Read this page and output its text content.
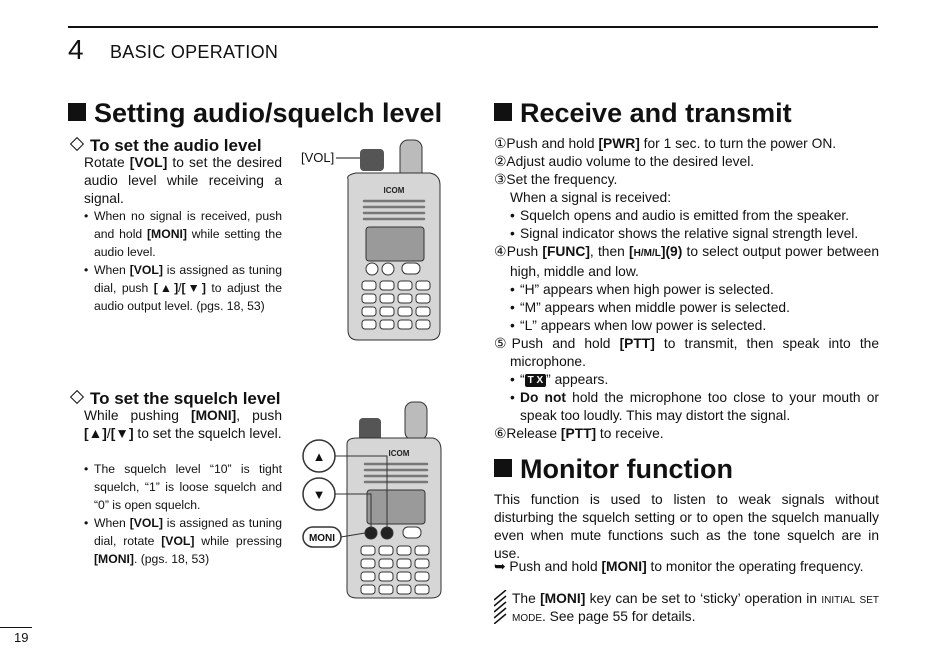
4 BASIC OPERATION
Setting audio/squelch level
To set the audio level
Rotate [VOL] to set the desired audio level while receiving a signal.
• When no signal is received, push and hold [MONI] while setting the audio level.
• When [VOL] is assigned as tuning dial, push [▲]/[▼] to adjust the audio output level. (pgs. 18, 53)
To set the squelch level
While pushing [MONI], push [▲]/[▼] to set the squelch level.
• The squelch level “10” is tight squelch, “1” is loose squelch and “0” is open squelch.
• When [VOL] is assigned as tuning dial, rotate [VOL] while pressing [MONI]. (pgs. 18, 53)
[VOL]
ICOM
ICOM
▲
▼
MONI
Receive and transmit
①Push and hold [PWR] for 1 sec. to turn the power ON.
②Adjust audio volume to the desired level.
③Set the frequency.
When a signal is received:
• Squelch opens and audio is emitted from the speaker.
• Signal indicator shows the relative signal strength level.
④Push [FUNC], then [H/M/L](9) to select output power between high, middle and low.
• “H” appears when high power is selected.
• “M” appears when middle power is selected.
• “L” appears when low power is selected.
⑤Push and hold [PTT] to transmit, then speak into the microphone.
• “ T X ” appears.
• Do not hold the microphone too close to your mouth or speak too loudly. This may distort the signal.
⑥Release [PTT] to receive.
Monitor function
This function is used to listen to weak signals without disturbing the squelch setting or to open the squelch manually even when mute functions such as the tone squelch are in use.
➥ Push and hold [MONI] to monitor the operating frequency.
The [MONI] key can be set to ‘sticky’ operation in initial set mode. See page 55 for details.
19
